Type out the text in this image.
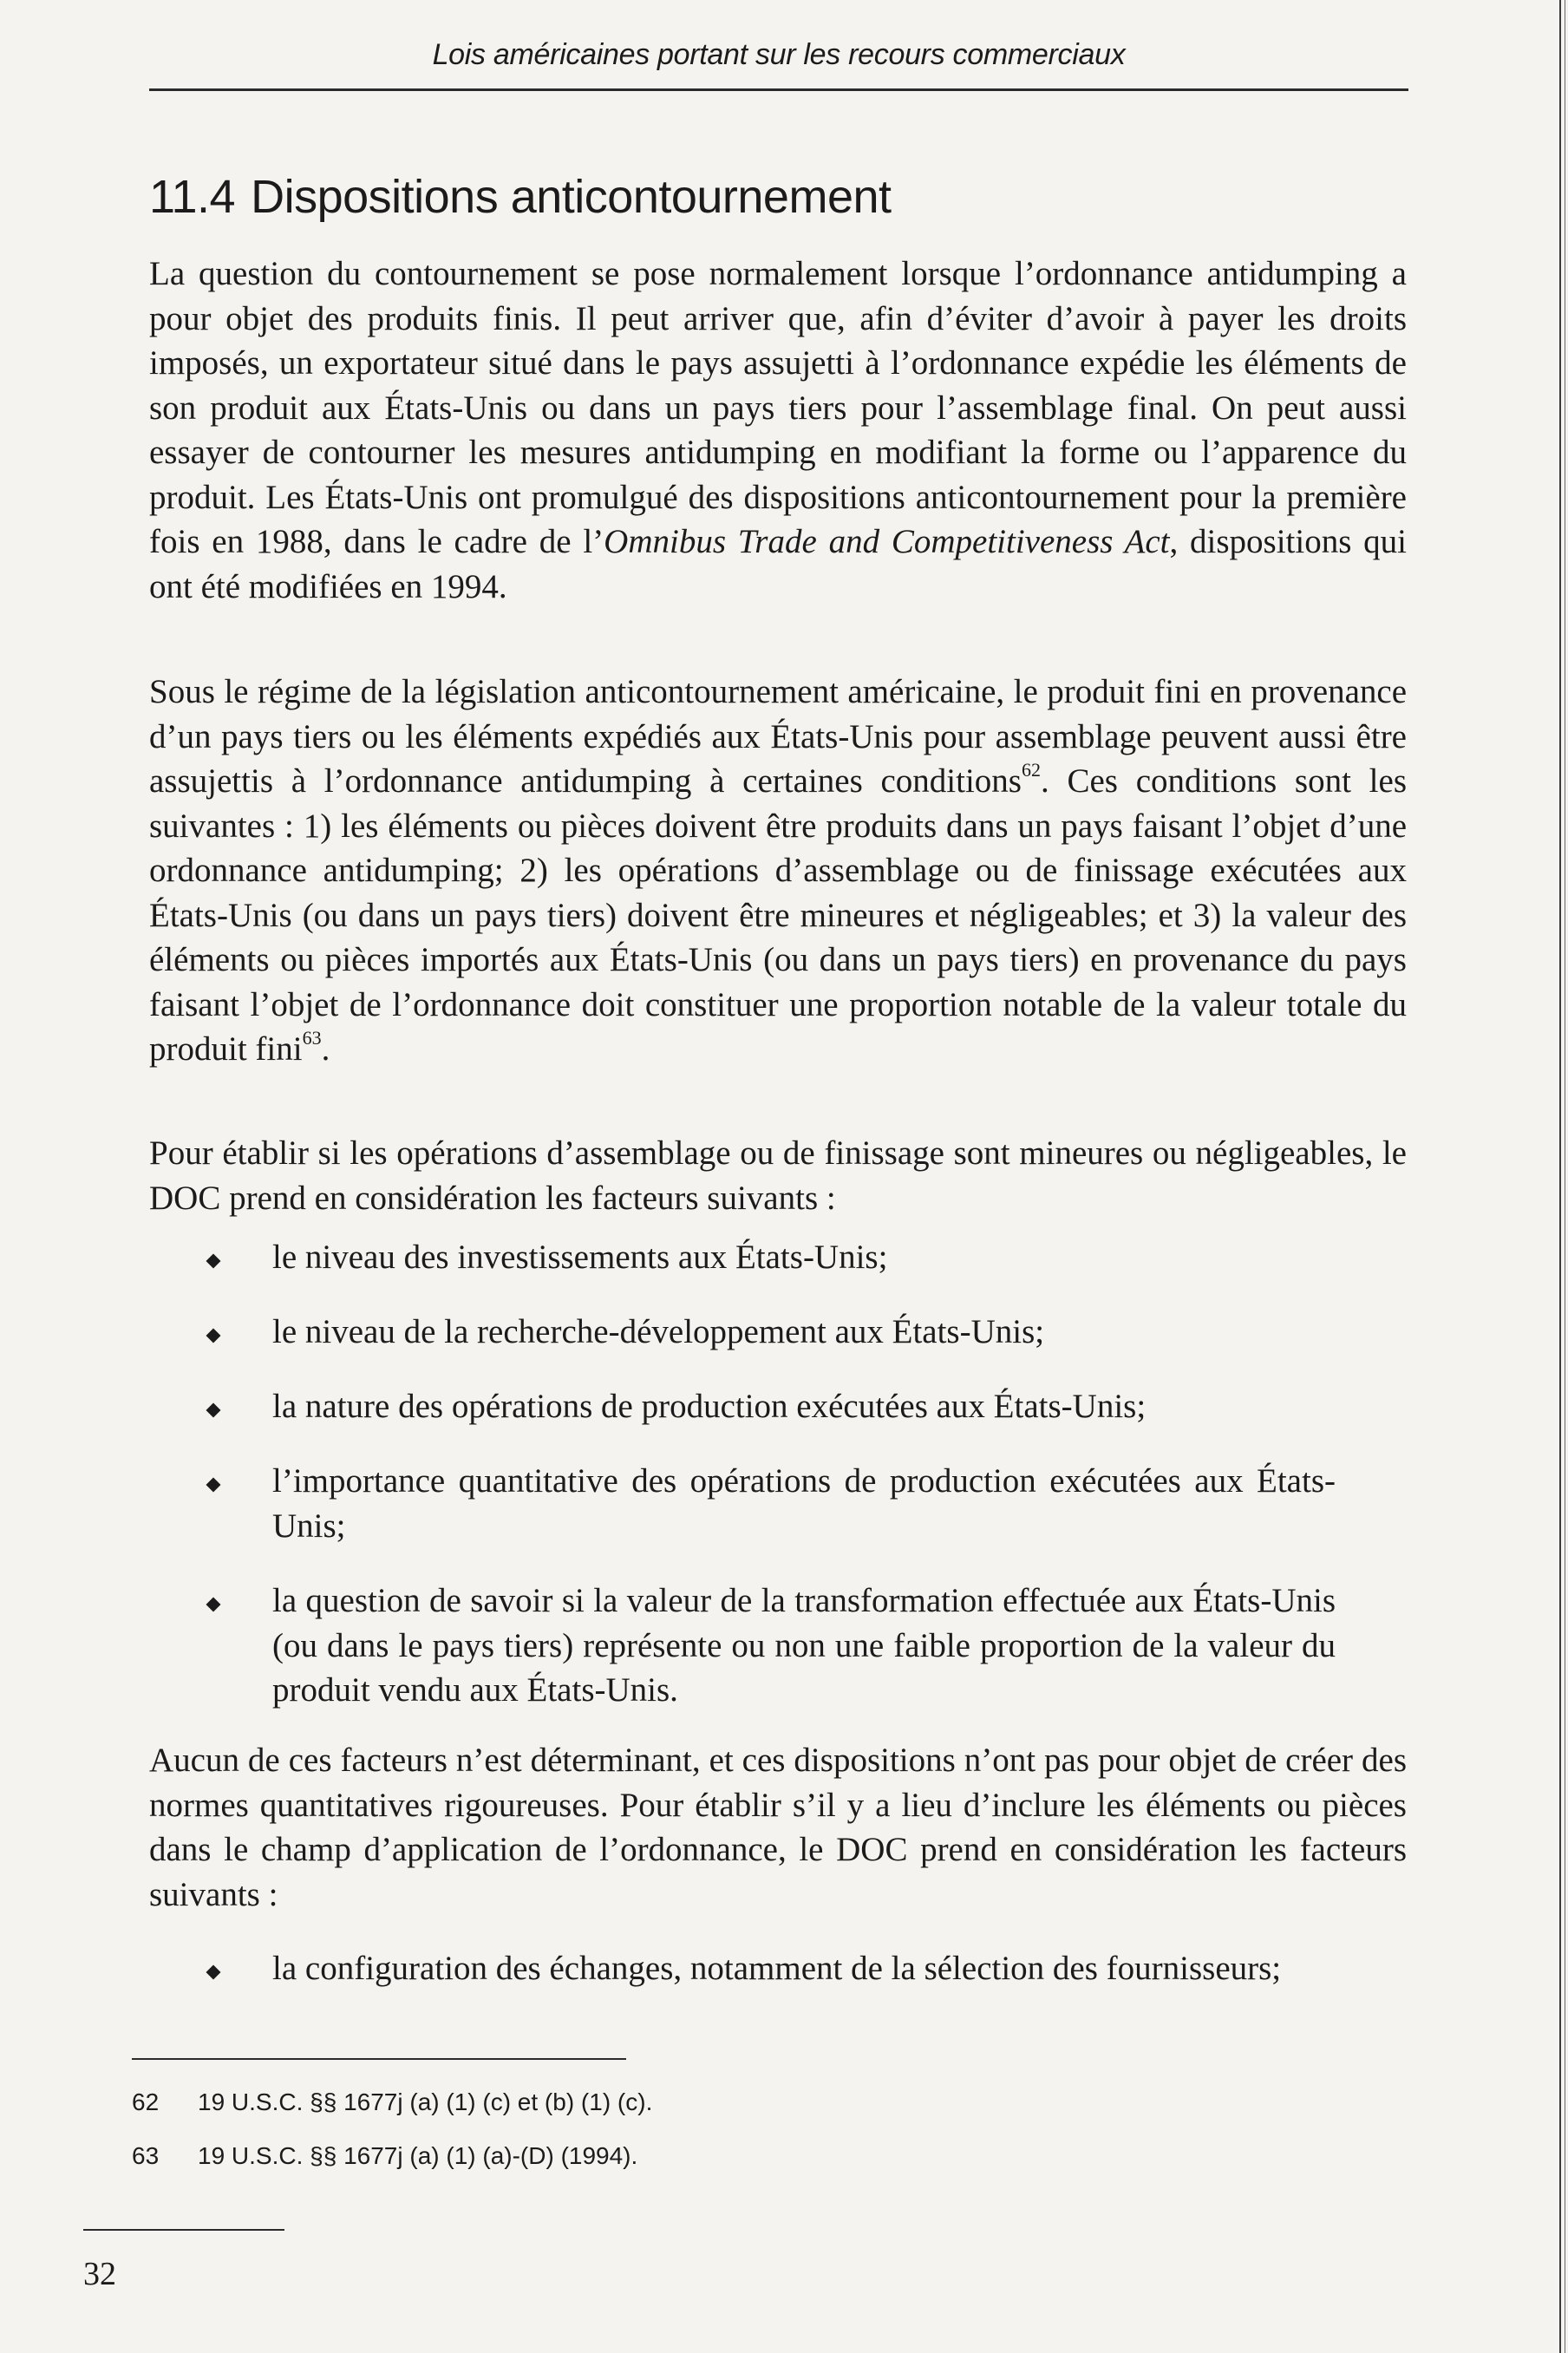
Lois américaines portant sur les recours commerciaux
11.4 Dispositions anticontournement

La question du contournement se pose normalement lorsque l’ordonnance antidumping a pour objet des produits finis. Il peut arriver que, afin d’éviter d’avoir à payer les droits imposés, un exportateur situé dans le pays assujetti à l’ordonnance expédie les éléments de son produit aux États-Unis ou dans un pays tiers pour l’assemblage final. On peut aussi essayer de contourner les mesures antidumping en modifiant la forme ou l’apparence du produit. Les États-Unis ont promulgué des dispositions anticontournement pour la première fois en 1988, dans le cadre de l’Omnibus Trade and Competitiveness Act, dispositions qui ont été modifiées en 1994.

Sous le régime de la législation anticontournement américaine, le produit fini en provenance d’un pays tiers ou les éléments expédiés aux États-Unis pour assemblage peuvent aussi être assujettis à l’ordonnance antidumping à certaines conditions$^{62}$. Ces conditions sont les suivantes : 1) les éléments ou pièces doivent être produits dans un pays faisant l’objet d’une ordonnance antidumping; 2) les opérations d’assemblage ou de finissage exécutées aux États-Unis (ou dans un pays tiers) doivent être mineures et négligeables; et 3) la valeur des éléments ou pièces importés aux États-Unis (ou dans un pays tiers) en provenance du pays faisant l’objet de l’ordonnance doit constituer une proportion notable de la valeur totale du produit fini$^{63}$.

Pour établir si les opérations d’assemblage ou de finissage sont mineures ou négligeables, le DOC prend en considération les facteurs suivants :

le niveau des investissements aux États-Unis;

le niveau de la recherche-développement aux États-Unis;

la nature des opérations de production exécutées aux États-Unis;

l’importance quantitative des opérations de production exécutées aux États-Unis;

la question de savoir si la valeur de la transformation effectuée aux États-Unis (ou dans le pays tiers) représente ou non une faible proportion de la valeur du produit vendu aux États-Unis.

Aucun de ces facteurs n’est déterminant, et ces dispositions n’ont pas pour objet de créer des normes quantitatives rigoureuses. Pour établir s’il y a lieu d’inclure les éléments ou pièces dans le champ d’application de l’ordonnance, le DOC prend en considération les facteurs suivants :

la configuration des échanges, notamment de la sélection des fournisseurs;

62 19 U.S.C. §§ 1677j (a) (1) (c) et (b) (1) (c).
63 19 U.S.C. §§ 1677j (a) (1) (a)-(D) (1994).
32
